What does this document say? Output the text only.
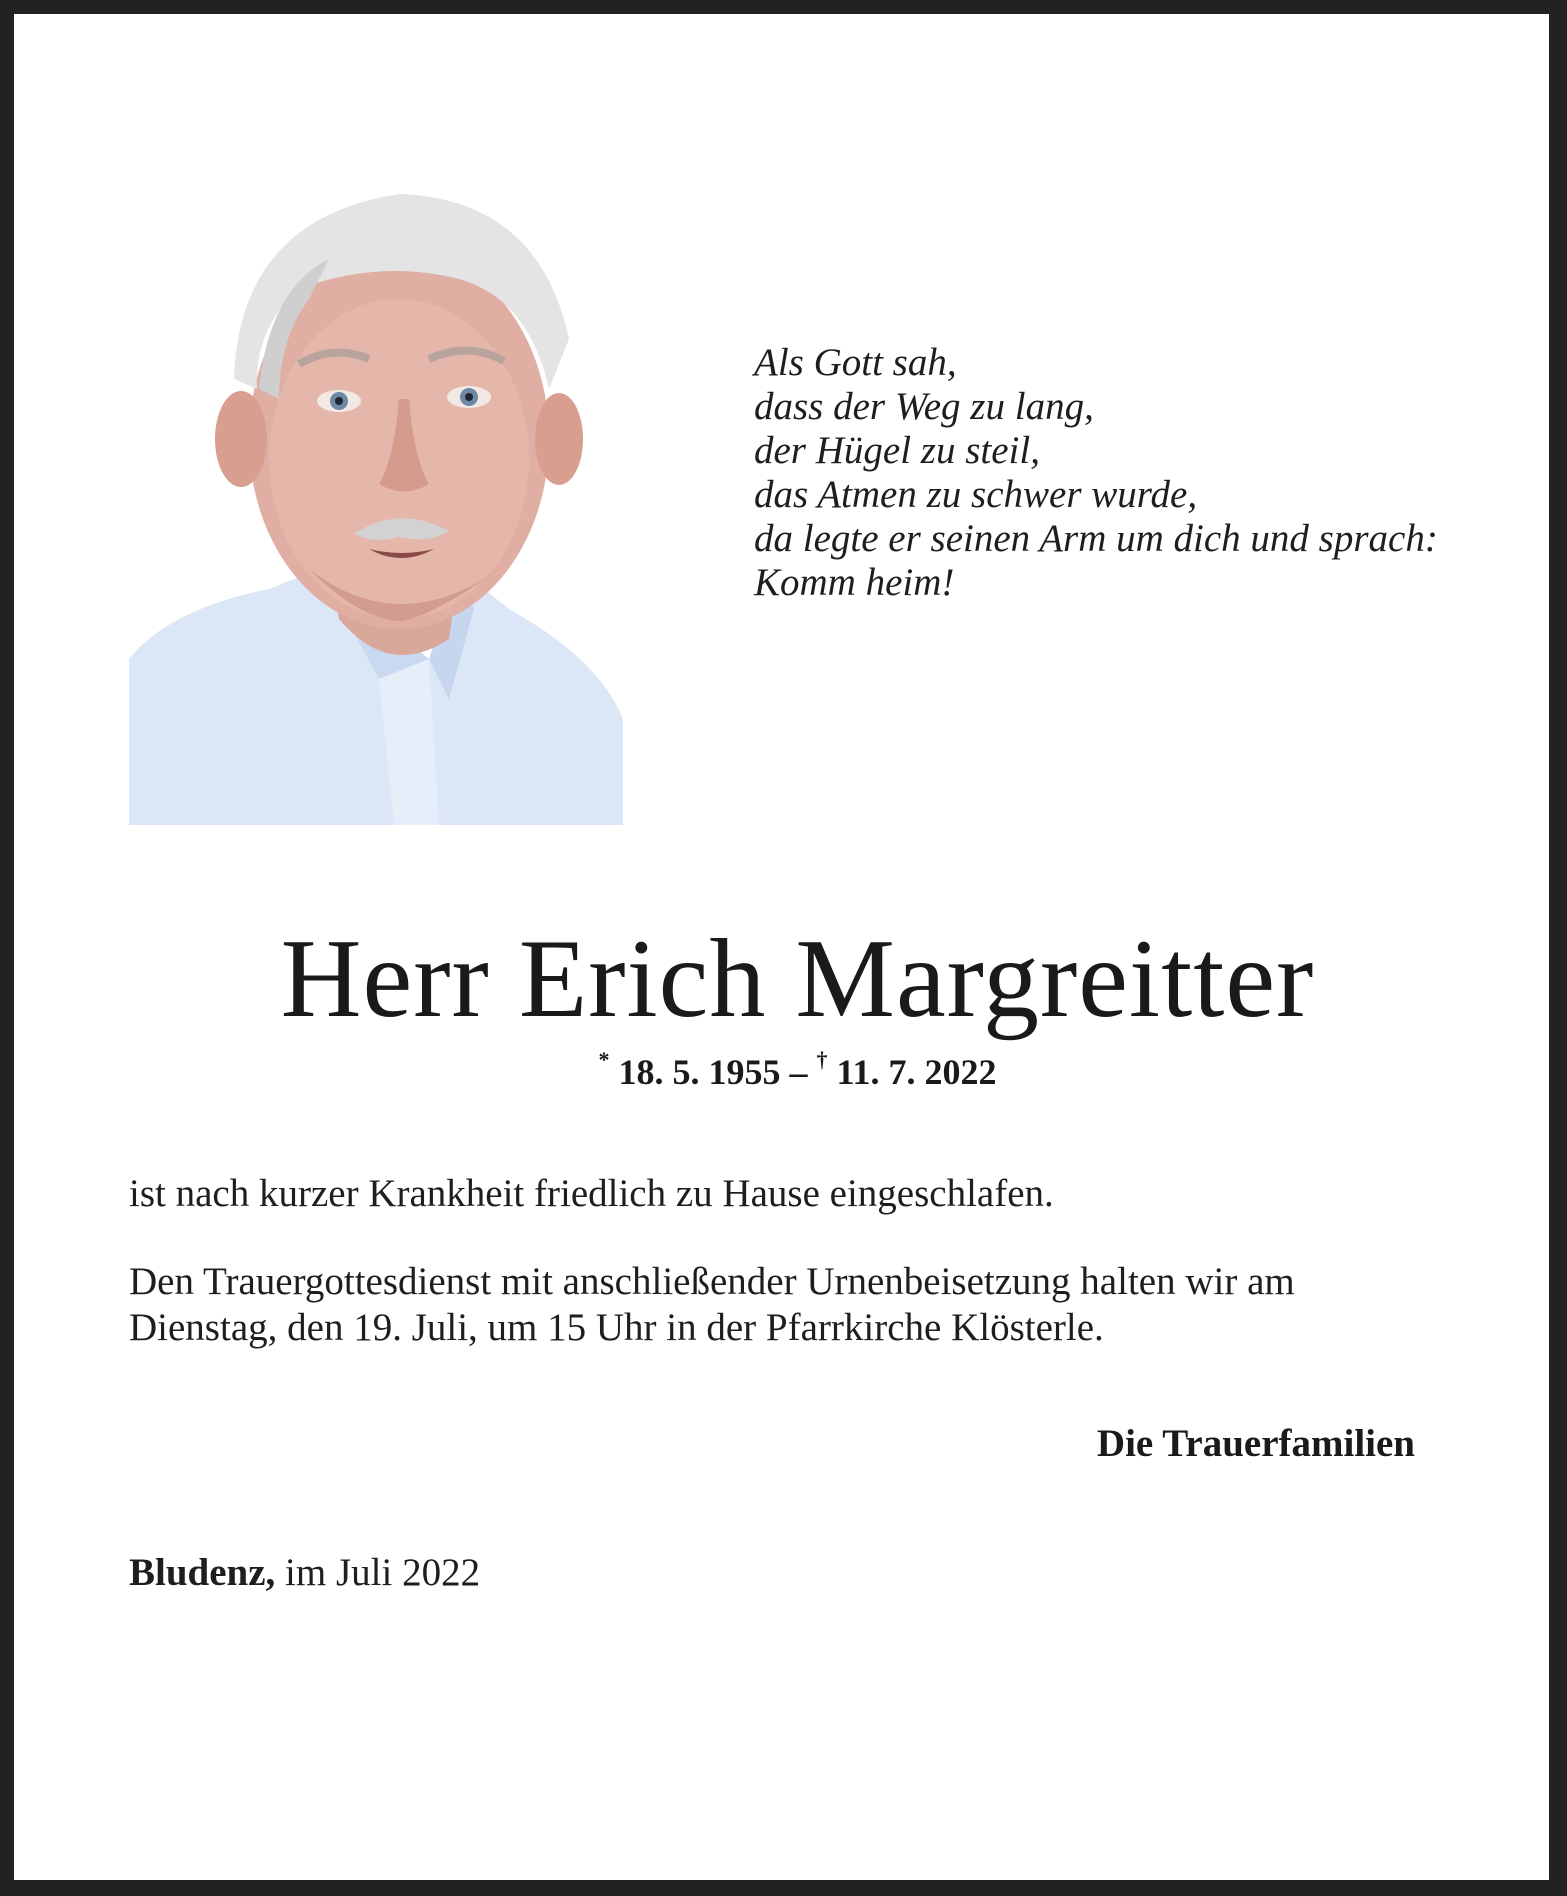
Als Gott sah,
dass der Weg zu lang,
der Hügel zu steil,
das Atmen zu schwer wurde,
da legte er seinen Arm um dich und sprach:
Komm heim!
Herr Erich Margreitter
* 18. 5. 1955 – † 11. 7. 2022
ist nach kurzer Krankheit friedlich zu Hause eingeschlafen.
Den Trauergottesdienst mit anschließender Urnenbeisetzung halten wir am
Dienstag, den 19. Juli, um 15 Uhr in der Pfarrkirche Klösterle.
Die Trauerfamilien
Bludenz, im Juli 2022
